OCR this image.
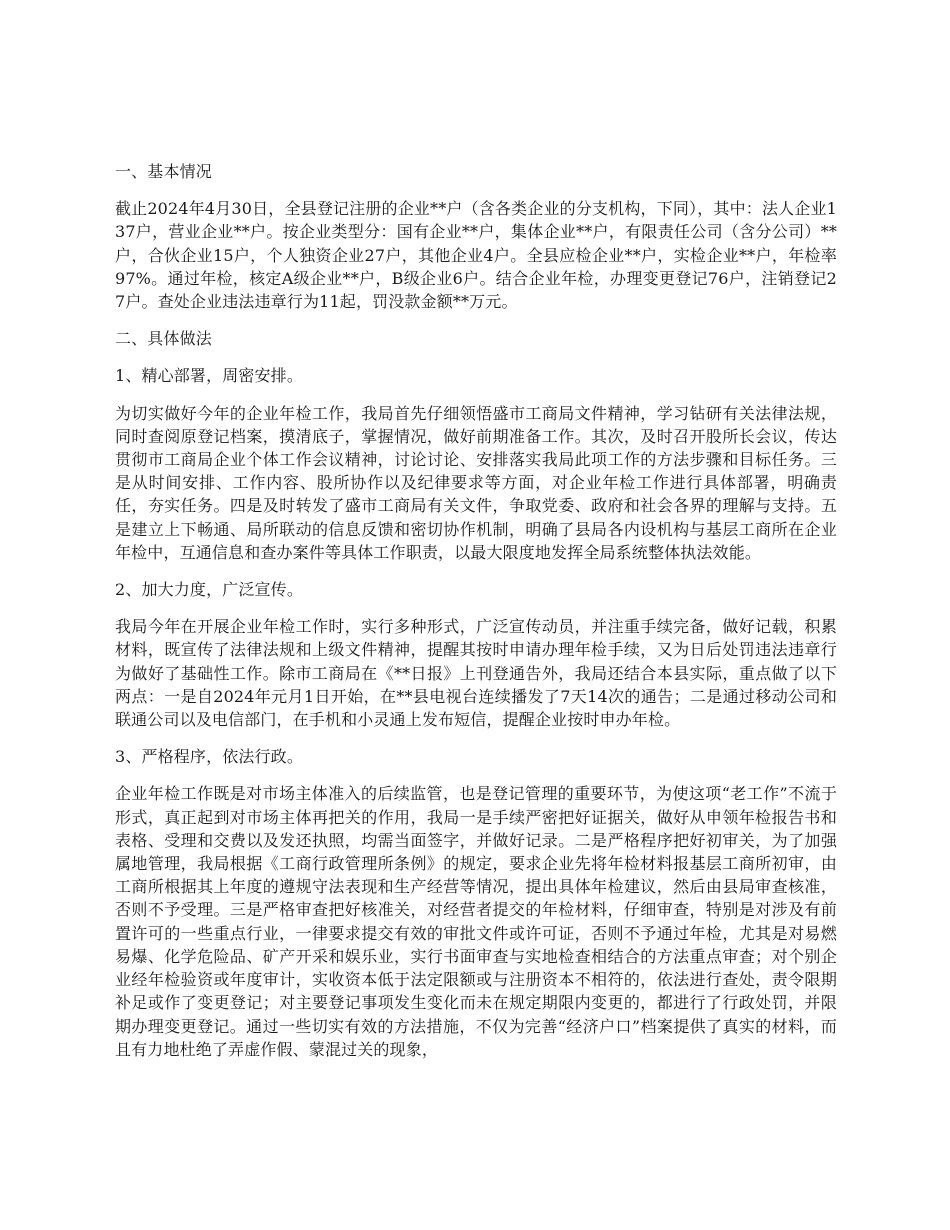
一、基本情况

截止2024年4月30日，全县登记注册的企业**户（含各类企业的分支机构，下同），其中：法人企业137户，营业企业**户。按企业类型分：国有企业**户，集体企业**户，有限责任公司（含分公司）**户，合伙企业15户，个人独资企业27户，其他企业4户。全县应检企业**户，实检企业**户，年检率97%。通过年检，核定A级企业**户，B级企业6户。结合企业年检，办理变更登记76户，注销登记27户。查处企业违法违章行为11起，罚没款金额**万元。

二、具体做法

1、精心部署，周密安排。

为切实做好今年的企业年检工作，我局首先仔细领悟盛市工商局文件精神，学习钻研有关法律法规，同时查阅原登记档案，摸清底子，掌握情况，做好前期准备工作。其次，及时召开股所长会议，传达贯彻市工商局企业个体工作会议精神，讨论讨论、安排落实我局此项工作的方法步骤和目标任务。三是从时间安排、工作内容、股所协作以及纪律要求等方面，对企业年检工作进行具体部署，明确责任，夯实任务。四是及时转发了盛市工商局有关文件，争取党委、政府和社会各界的理解与支持。五是建立上下畅通、局所联动的信息反馈和密切协作机制，明确了县局各内设机构与基层工商所在企业年检中，互通信息和查办案件等具体工作职责，以最大限度地发挥全局系统整体执法效能。

2、加大力度，广泛宣传。

我局今年在开展企业年检工作时，实行多种形式，广泛宣传动员，并注重手续完备，做好记载，积累材料，既宣传了法律法规和上级文件精神，提醒其按时申请办理年检手续，又为日后处罚违法违章行为做好了基础性工作。除市工商局在《**日报》上刊登通告外，我局还结合本县实际，重点做了以下两点：一是自2024年元月1日开始，在**县电视台连续播发了7天14次的通告；二是通过移动公司和联通公司以及电信部门，在手机和小灵通上发布短信，提醒企业按时申办年检。

3、严格程序，依法行政。

企业年检工作既是对市场主体准入的后续监管，也是登记管理的重要环节，为使这项“老工作”不流于形式，真正起到对市场主体再把关的作用，我局一是手续严密把好证据关，做好从申领年检报告书和表格、受理和交费以及发还执照，均需当面签字，并做好记录。二是严格程序把好初审关，为了加强属地管理，我局根据《工商行政管理所条例》的规定，要求企业先将年检材料报基层工商所初审，由工商所根据其上年度的遵规守法表现和生产经营等情况，提出具体年检建议，然后由县局审查核准，否则不予受理。三是严格审查把好核准关，对经营者提交的年检材料，仔细审查，特别是对涉及有前置许可的一些重点行业，一律要求提交有效的审批文件或许可证，否则不予通过年检，尤其是对易燃易爆、化学危险品、矿产开采和娱乐业，实行书面审查与实地检查相结合的方法重点审查；对个别企业经年检验资或年度审计，实收资本低于法定限额或与注册资本不相符的，依法进行查处，责令限期补足或作了变更登记；对主要登记事项发生变化而未在规定期限内变更的，都进行了行政处罚，并限期办理变更登记。通过一些切实有效的方法措施，不仅为完善“经济户口”档案提供了真实的材料，而且有力地杜绝了弄虚作假、蒙混过关的现象，
